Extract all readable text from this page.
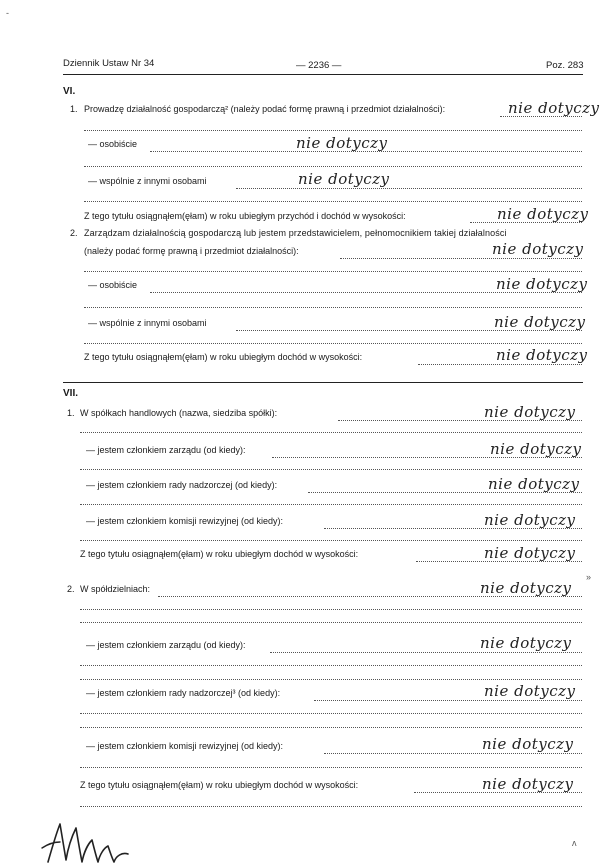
Dziennik Ustaw Nr 34	— 2236 —	Poz. 283
-
VI.
1. Prowadzę działalność gospodarczą² (należy podać formę prawną i przedmiot działalności):	nie dotyczy
— osobiście	nie dotyczy
— wspólnie z innymi osobami	nie dotyczy
Z tego tytułu osiągnąłem(ęłam) w roku ubiegłym przychód i dochód w wysokości:	nie dotyczy
2. Zarządzam działalnością gospodarczą lub jestem przedstawicielem, pełnomocnikiem takiej działalności
(należy podać formę prawną i przedmiot działalności):	nie dotyczy
— osobiście	nie dotyczy
— wspólnie z innymi osobami	nie dotyczy
Z tego tytułu osiągnąłem(ęłam) w roku ubiegłym dochód w wysokości:	nie dotyczy
VII.
1. W spółkach handlowych (nazwa, siedziba spółki):	nie dotyczy
— jestem członkiem zarządu (od kiedy):	nie dotyczy
— jestem członkiem rady nadzorczej (od kiedy):	nie dotyczy
— jestem członkiem komisji rewizyjnej (od kiedy):	nie dotyczy
Z tego tytułu osiągnąłem(ęłam) w roku ubiegłym dochód w wysokości:	nie dotyczy
2. W spółdzielniach:	nie dotyczy
— jestem członkiem zarządu (od kiedy):	nie dotyczy
— jestem członkiem rady nadzorczej³ (od kiedy):	nie dotyczy
— jestem członkiem komisji rewizyjnej (od kiedy):	nie dotyczy
Z tego tytułu osiągnąłem(ęłam) w roku ubiegłym dochód w wysokości:	nie dotyczy
»
ʌ
